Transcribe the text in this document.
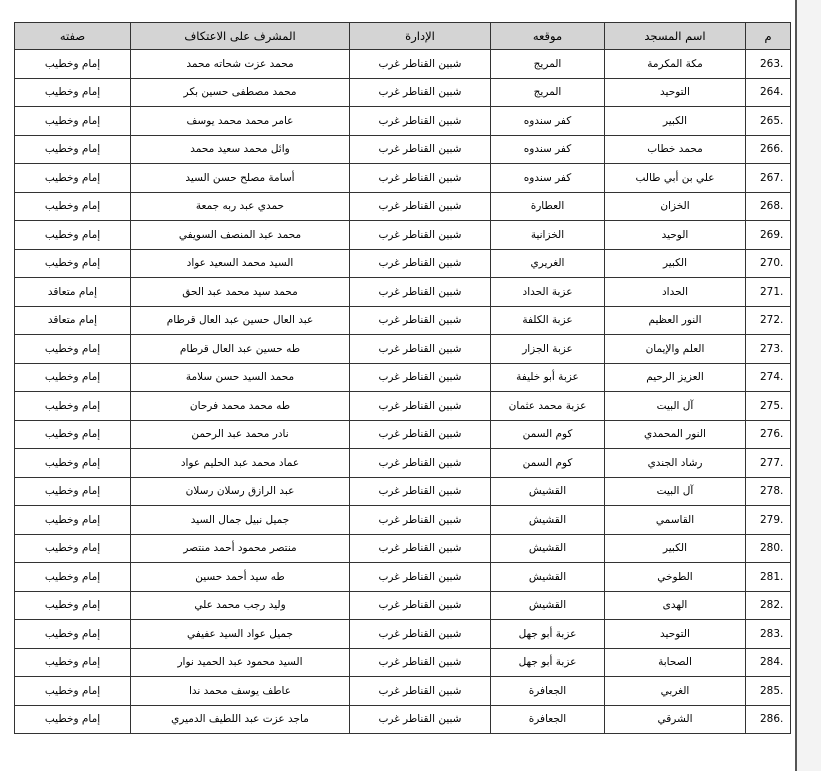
م	اسم المسجد	موقعه	الإدارة	المشرف على الاعتكاف	صفته
263.	مكة المكرمة	المريج	شبين القناطر غرب	محمد عزت شحاته محمد	إمام وخطيب
264.	التوحيد	المريج	شبين القناطر غرب	محمد مصطفى حسين بكر	إمام وخطيب
265.	الكبير	كفر سندوه	شبين القناطر غرب	عامر محمد محمد يوسف	إمام وخطيب
266.	محمد خطاب	كفر سندوه	شبين القناطر غرب	وائل محمد سعيد محمد	إمام وخطيب
267.	علي بن أبي طالب	كفر سندوه	شبين القناطر غرب	أسامة مصلح حسن السيد	إمام وخطيب
268.	الخزان	العطارة	شبين القناطر غرب	حمدي عبد ربه جمعة	إمام وخطيب
269.	الوحيد	الخزانية	شبين القناطر غرب	محمد عبد المنصف السويفي	إمام وخطيب
270.	الكبير	الغريري	شبين القناطر غرب	السيد محمد السعيد عواد	إمام وخطيب
271.	الحداد	عزبة الحداد	شبين القناطر غرب	محمد سيد محمد عبد الحق	إمام متعاقد
272.	النور العظيم	عزبة الكلفة	شبين القناطر غرب	عبد العال حسين عبد العال قرطام	إمام متعاقد
273.	العلم والإيمان	عزبة الجزار	شبين القناطر غرب	طه حسين عبد العال قرطام	إمام وخطيب
274.	العزيز الرحيم	عزبة أبو خليفة	شبين القناطر غرب	محمد السيد حسن سلامة	إمام وخطيب
275.	آل البيت	عزبة محمد عثمان	شبين القناطر غرب	طه محمد محمد فرحان	إمام وخطيب
276.	النور المحمدي	كوم السمن	شبين القناطر غرب	نادر محمد عبد الرحمن	إمام وخطيب
277.	رشاد الجندي	كوم السمن	شبين القناطر غرب	عماد محمد عبد الحليم عواد	إمام وخطيب
278.	آل البيت	القشيش	شبين القناطر غرب	عبد الرازق رسلان رسلان	إمام وخطيب
279.	القاسمي	القشيش	شبين القناطر غرب	جميل نبيل جمال السيد	إمام وخطيب
280.	الكبير	القشيش	شبين القناطر غرب	منتصر محمود أحمد منتصر	إمام وخطيب
281.	الطوخي	القشيش	شبين القناطر غرب	طه سيد أحمد حسين	إمام وخطيب
282.	الهدى	القشيش	شبين القناطر غرب	وليد رجب محمد علي	إمام وخطيب
283.	التوحيد	عزبة أبو جهل	شبين القناطر غرب	جميل عواد السيد عفيفي	إمام وخطيب
284.	الصحابة	عزبة أبو جهل	شبين القناطر غرب	السيد محمود عبد الحميد نوار	إمام وخطيب
285.	الغربي	الجعافرة	شبين القناطر غرب	عاطف يوسف محمد ندا	إمام وخطيب
286.	الشرقي	الجعافرة	شبين القناطر غرب	ماجد عزت عبد اللطيف الدميري	إمام وخطيب
